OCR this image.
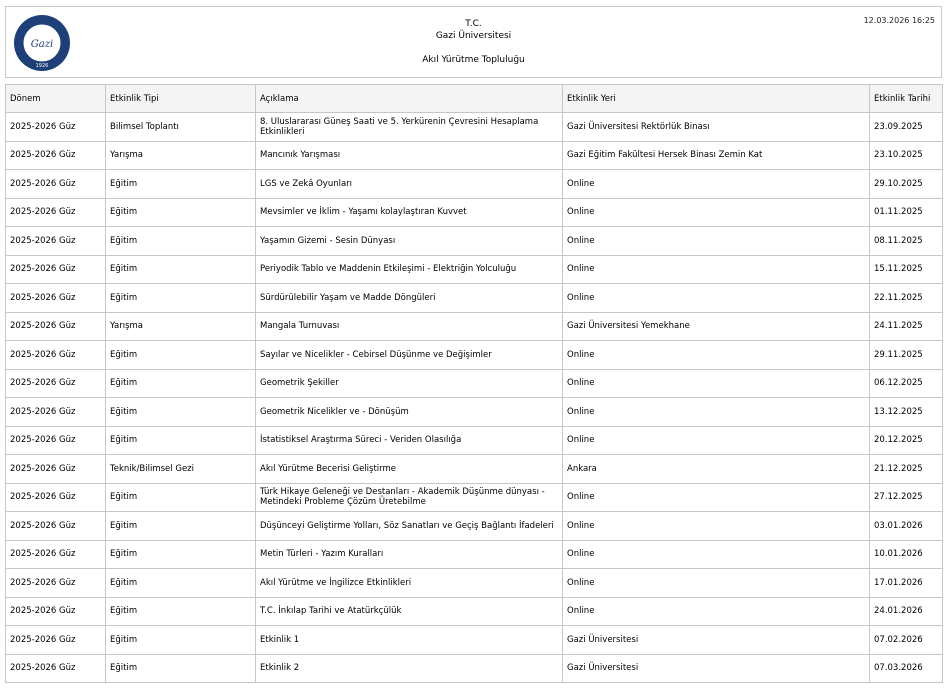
Gazi
1926
T.C.
Gazi Üniversitesi
Akıl Yürütme Topluluğu
12.03.2026 16:25
Dönem	Etkinlik Tipi	Açıklama	Etkinlik Yeri	Etkinlik Tarihi
2025-2026 Güz	Bilimsel Toplantı	8. Uluslararası Güneş Saati ve 5. Yerkürenin Çevresini Hesaplama Etkinlikleri	Gazi Üniversitesi Rektörlük Binası	23.09.2025
2025-2026 Güz	Yarışma	Mancınık Yarışması	Gazi Eğitim Fakültesi Hersek Binası Zemin Kat	23.10.2025
2025-2026 Güz	Eğitim	LGS ve Zekâ Oyunları	Online	29.10.2025
2025-2026 Güz	Eğitim	Mevsimler ve İklim - Yaşamı kolaylaştıran Kuvvet	Online	01.11.2025
2025-2026 Güz	Eğitim	Yaşamın Gizemi - Sesin Dünyası	Online	08.11.2025
2025-2026 Güz	Eğitim	Periyodik Tablo ve Maddenin Etkileşimi - Elektriğin Yolculuğu	Online	15.11.2025
2025-2026 Güz	Eğitim	Sürdürülebilir Yaşam ve Madde Döngüleri	Online	22.11.2025
2025-2026 Güz	Yarışma	Mangala Turnuvası	Gazi Üniversitesi Yemekhane	24.11.2025
2025-2026 Güz	Eğitim	Sayılar ve Nicelikler - Cebirsel Düşünme ve Değişimler	Online	29.11.2025
2025-2026 Güz	Eğitim	Geometrik Şekiller	Online	06.12.2025
2025-2026 Güz	Eğitim	Geometrik Nicelikler ve - Dönüşüm	Online	13.12.2025
2025-2026 Güz	Eğitim	İstatistiksel Araştırma Süreci - Veriden Olasılığa	Online	20.12.2025
2025-2026 Güz	Teknik/Bilimsel Gezi	Akıl Yürütme Becerisi Geliştirme	Ankara	21.12.2025
2025-2026 Güz	Eğitim	Türk Hikaye Geleneği ve Destanları - Akademik Düşünme dünyası - Metindeki Probleme Çözüm Üretebilme	Online	27.12.2025
2025-2026 Güz	Eğitim	Düşünceyi Geliştirme Yolları, Söz Sanatları ve Geçiş Bağlantı İfadeleri	Online	03.01.2026
2025-2026 Güz	Eğitim	Metin Türleri - Yazım Kuralları	Online	10.01.2026
2025-2026 Güz	Eğitim	Akıl Yürütme ve İngilizce Etkinlikleri	Online	17.01.2026
2025-2026 Güz	Eğitim	T.C. İnkılap Tarihi ve Atatürkçülük	Online	24.01.2026
2025-2026 Güz	Eğitim	Etkinlik 1	Gazi Üniversitesi	07.02.2026
2025-2026 Güz	Eğitim	Etkinlik 2	Gazi Üniversitesi	07.03.2026
